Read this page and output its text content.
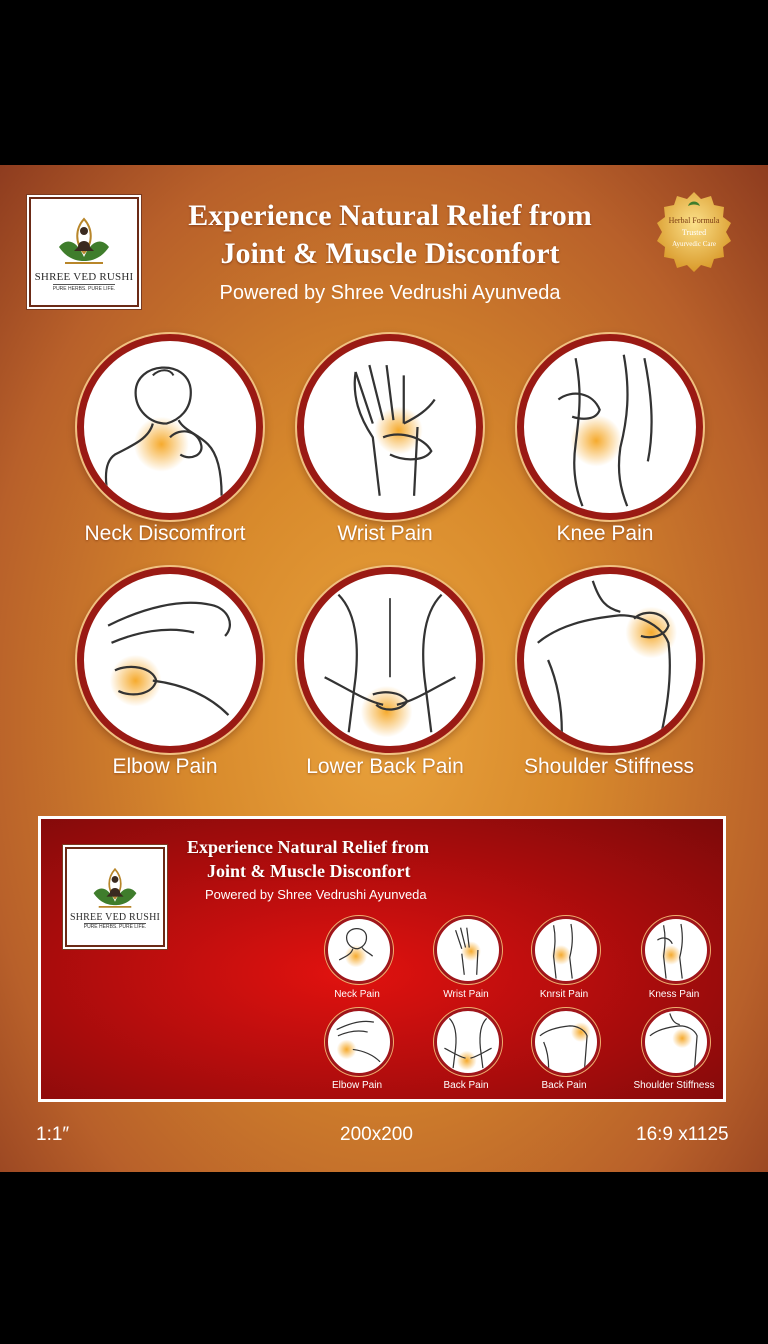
SHREE VED RUSHI
PURE HERBS. PURE LIFE.
Experience Natural Relief from
Joint & Muscle Disconfort
Powered by Shree Vedrushi Ayunveda
Herbal Formula
Trusted
Ayurvedic Care
Neck Discomfrort	Wrist Pain	Knee Pain
Elbow Pain	Lower Back Pain	Shoulder Stiffness
SHREE VED RUSHI
PURE HERBS. PURE LIFE.
Experience Natural Relief from
Joint & Muscle Disconfort
Powered by Shree Vedrushi Ayunveda
Neck Pain	Wrist Pain	Knrsit Pain	Kness Pain
Elbow Pain	Back Pain	Back Pain	Shoulder Stiffness
1:1″	200x200	16:9 x1125
